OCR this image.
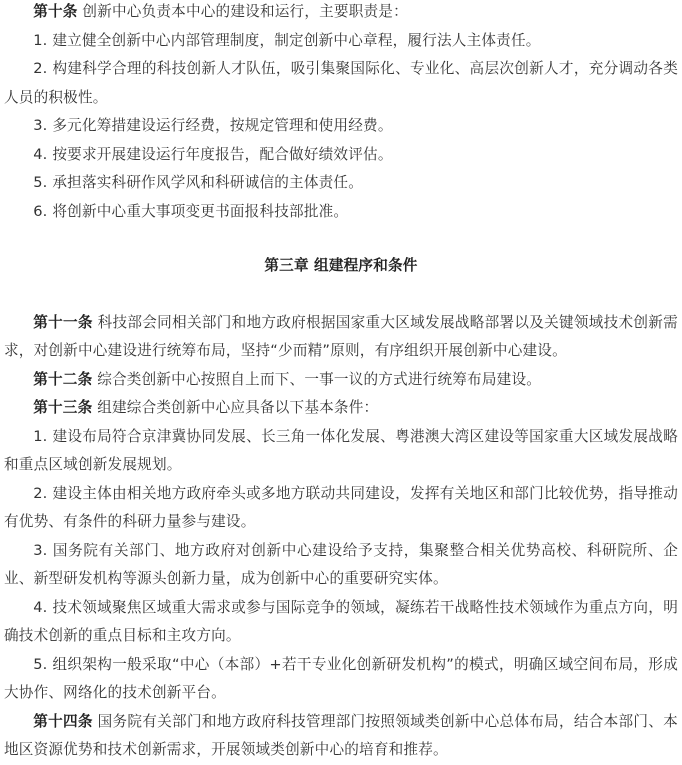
第十条 创新中心负责本中心的建设和运行，主要职责是：

1. 建立健全创新中心内部管理制度，制定创新中心章程，履行法人主体责任。

2. 构建科学合理的科技创新人才队伍，吸引集聚国际化、专业化、高层次创新人才，充分调动各类人员的积极性。

3. 多元化筹措建设运行经费，按规定管理和使用经费。

4. 按要求开展建设运行年度报告，配合做好绩效评估。

5. 承担落实科研作风学风和科研诚信的主体责任。

6. 将创新中心重大事项变更书面报科技部批准。

第三章 组建程序和条件

第十一条 科技部会同相关部门和地方政府根据国家重大区域发展战略部署以及关键领域技术创新需求，对创新中心建设进行统筹布局，坚持“少而精”原则，有序组织开展创新中心建设。

第十二条 综合类创新中心按照自上而下、一事一议的方式进行统筹布局建设。

第十三条 组建综合类创新中心应具备以下基本条件：

1. 建设布局符合京津冀协同发展、长三角一体化发展、粤港澳大湾区建设等国家重大区域发展战略和重点区域创新发展规划。

2. 建设主体由相关地方政府牵头或多地方联动共同建设，发挥有关地区和部门比较优势，指导推动有优势、有条件的科研力量参与建设。

3. 国务院有关部门、地方政府对创新中心建设给予支持，集聚整合相关优势高校、科研院所、企业、新型研发机构等源头创新力量，成为创新中心的重要研究实体。

4. 技术领域聚焦区域重大需求或参与国际竞争的领域，凝练若干战略性技术领域作为重点方向，明确技术创新的重点目标和主攻方向。

5. 组织架构一般采取“中心（本部）+若干专业化创新研发机构”的模式，明确区域空间布局，形成大协作、网络化的技术创新平台。

第十四条 国务院有关部门和地方政府科技管理部门按照领域类创新中心总体布局，结合本部门、本地区资源优势和技术创新需求，开展领域类创新中心的培育和推荐。
